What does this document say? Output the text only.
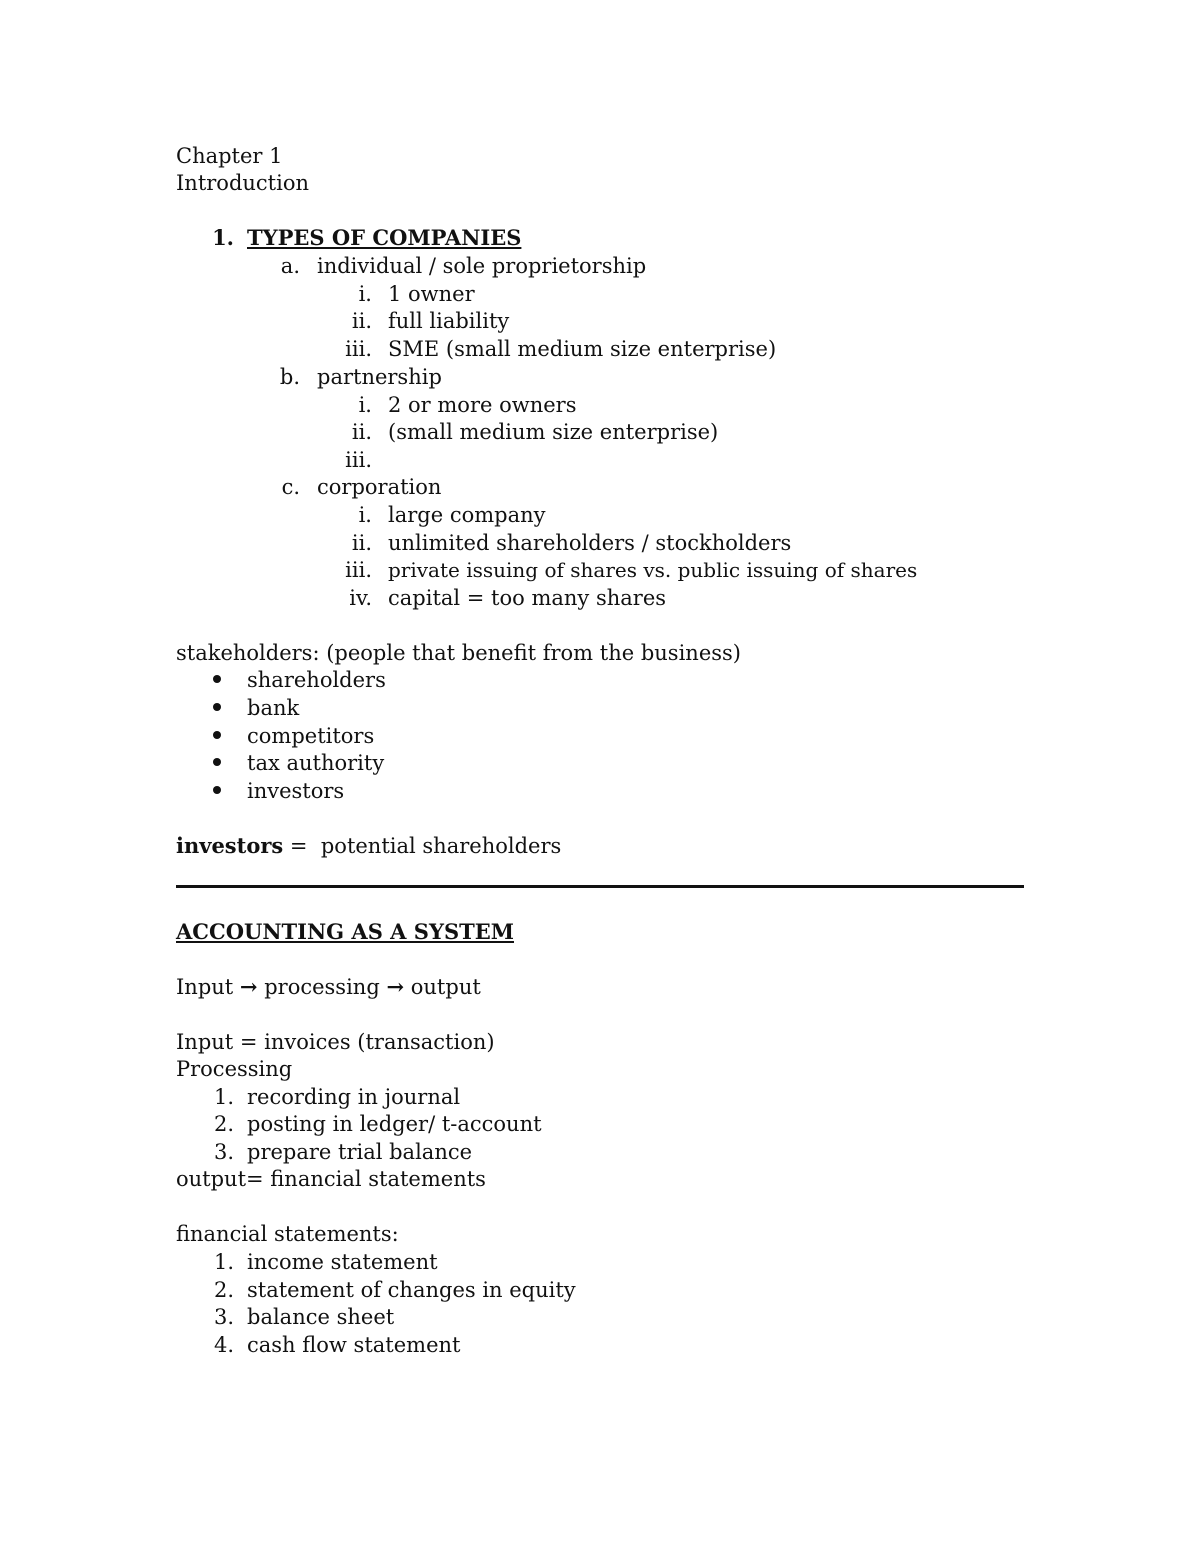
Chapter 1
Introduction
1. TYPES OF COMPANIES
a. individual / sole proprietorship
i. 1 owner
ii. full liability
iii. SME (small medium size enterprise)
b. partnership
i. 2 or more owners
ii. (small medium size enterprise)
iii.
c. corporation
i. large company
ii. unlimited shareholders / stockholders
iii. private issuing of shares vs. public issuing of shares
iv. capital = too many shares
stakeholders: (people that benefit from the business)
shareholders
bank
competitors
tax authority
investors
investors =  potential shareholders
ACCOUNTING AS A SYSTEM
Input → processing → output
Input = invoices (transaction)
Processing
1. recording in journal
2. posting in ledger/ t-account
3. prepare trial balance
output= financial statements
financial statements:
1. income statement
2. statement of changes in equity
3. balance sheet
4. cash flow statement
